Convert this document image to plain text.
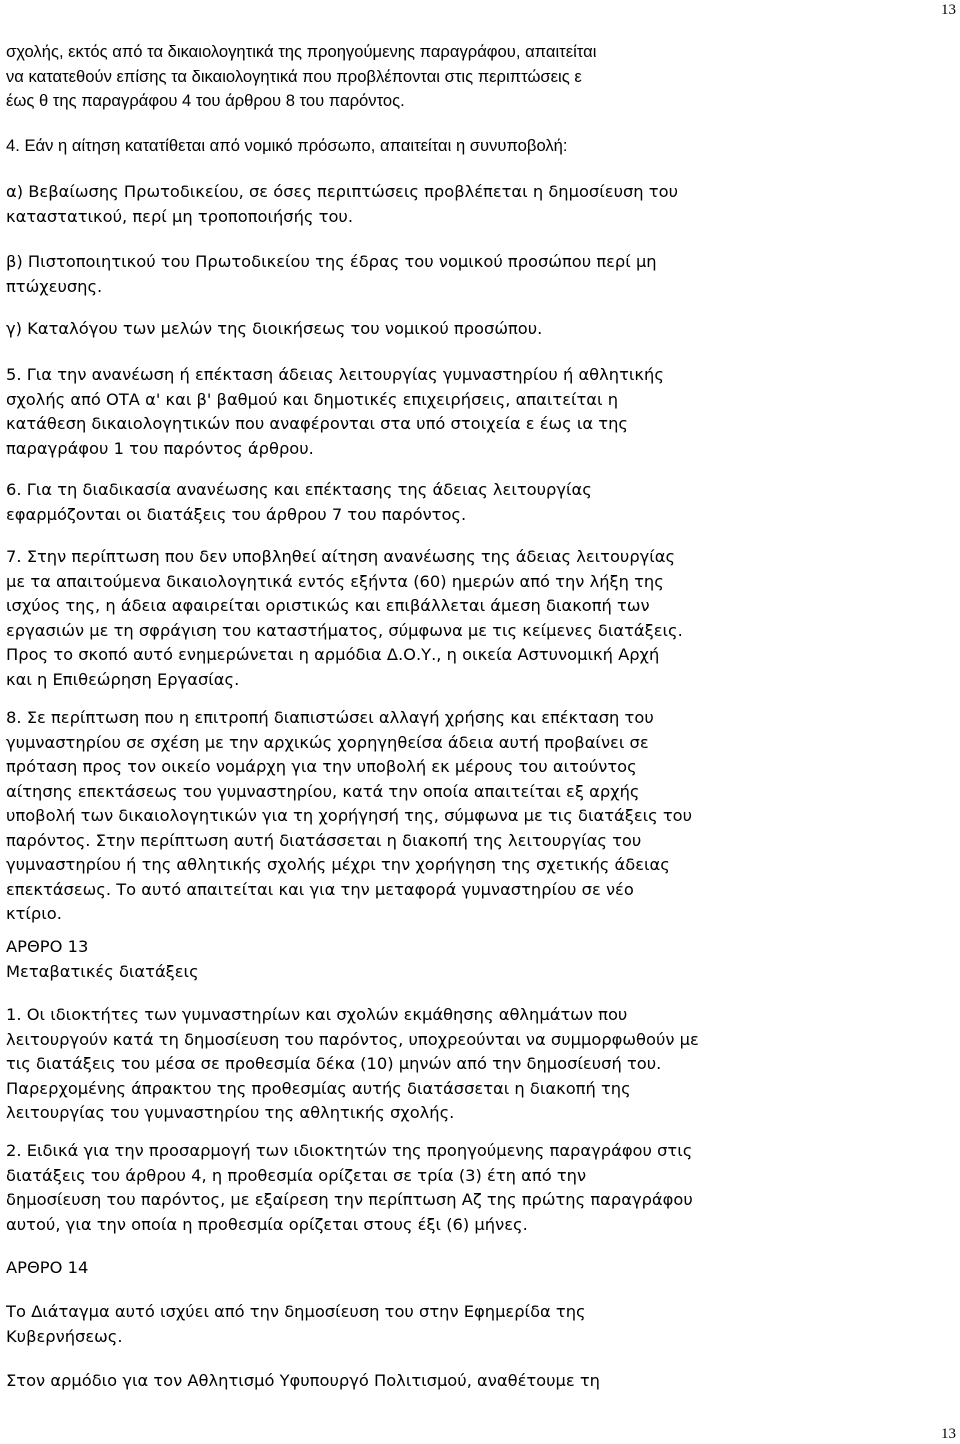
13
σχολής, εκτός από τα δικαιολογητικά της προηγούμενης παραγράφου, απαιτείται
να κατατεθούν επίσης τα δικαιολογητικά που προβλέπονται στις περιπτώσεις ε
έως θ της παραγράφου 4 του άρθρου 8 του παρόντος.
4. Εάν η αίτηση κατατίθεται από νομικό πρόσωπο, απαιτείται η συνυποβολή:
α) Βεβαίωσης Πρωτοδικείου, σε όσες περιπτώσεις προβλέπεται η δημοσίευση του
καταστατικού, περί μη τροποποιήσής του.
β) Πιστοποιητικού του Πρωτοδικείου της έδρας του νομικού προσώπου περί μη
πτώχευσης.
γ) Καταλόγου των μελών της διοικήσεως του νομικού προσώπου.
5. Για την ανανέωση ή επέκταση άδειας λειτουργίας γυμναστηρίου ή αθλητικής
σχολής από ΟΤΑ α' και β' βαθμού και δημοτικές επιχειρήσεις, απαιτείται η
κατάθεση δικαιολογητικών που αναφέρονται στα υπό στοιχεία ε έως ια της
παραγράφου 1 του παρόντος άρθρου.
6. Για τη διαδικασία ανανέωσης και επέκτασης της άδειας λειτουργίας
εφαρμόζονται οι διατάξεις του άρθρου 7 του παρόντος.
7. Στην περίπτωση που δεν υποβληθεί αίτηση ανανέωσης της άδειας λειτουργίας
με τα απαιτούμενα δικαιολογητικά εντός εξήντα (60) ημερών από την λήξη της
ισχύος της, η άδεια αφαιρείται οριστικώς και επιβάλλεται άμεση διακοπή των
εργασιών με τη σφράγιση του καταστήματος, σύμφωνα με τις κείμενες διατάξεις.
Προς το σκοπό αυτό ενημερώνεται η αρμόδια Δ.Ο.Υ., η οικεία Αστυνομική Αρχή
και η Επιθεώρηση Εργασίας.
8. Σε περίπτωση που η επιτροπή διαπιστώσει αλλαγή χρήσης και επέκταση του
γυμναστηρίου σε σχέση με την αρχικώς χορηγηθείσα άδεια αυτή προβαίνει σε
πρόταση προς τον οικείο νομάρχη για την υποβολή εκ μέρους του αιτούντος
αίτησης επεκτάσεως του γυμναστηρίου, κατά την οποία απαιτείται εξ αρχής
υποβολή των δικαιολογητικών για τη χορήγησή της, σύμφωνα με τις διατάξεις του
παρόντος. Στην περίπτωση αυτή διατάσσεται η διακοπή της λειτουργίας του
γυμναστηρίου ή της αθλητικής σχολής μέχρι την χορήγηση της σχετικής άδειας
επεκτάσεως. Το αυτό απαιτείται και για την μεταφορά γυμναστηρίου σε νέο
κτίριο.
ΑΡΘΡΟ 13
Μεταβατικές διατάξεις
1. Οι ιδιοκτήτες των γυμναστηρίων και σχολών εκμάθησης αθλημάτων που
λειτουργούν κατά τη δημοσίευση του παρόντος, υποχρεούνται να συμμορφωθούν με
τις διατάξεις του μέσα σε προθεσμία δέκα (10) μηνών από την δημοσίευσή του.
Παρερχομένης άπρακτου της προθεσμίας αυτής διατάσσεται η διακοπή της
λειτουργίας του γυμναστηρίου της αθλητικής σχολής.
2. Ειδικά για την προσαρμογή των ιδιοκτητών της προηγούμενης παραγράφου στις
διατάξεις του άρθρου 4, η προθεσμία ορίζεται σε τρία (3) έτη από την
δημοσίευση του παρόντος, με εξαίρεση την περίπτωση Αζ της πρώτης παραγράφου
αυτού, για την οποία η προθεσμία ορίζεται στους έξι (6) μήνες.
ΑΡΘΡΟ 14
Το Διάταγμα αυτό ισχύει από την δημοσίευση του στην Εφημερίδα της
Κυβερνήσεως.
Στον αρμόδιο για τον Αθλητισμό Υφυπουργό Πολιτισμού, αναθέτουμε τη
13
